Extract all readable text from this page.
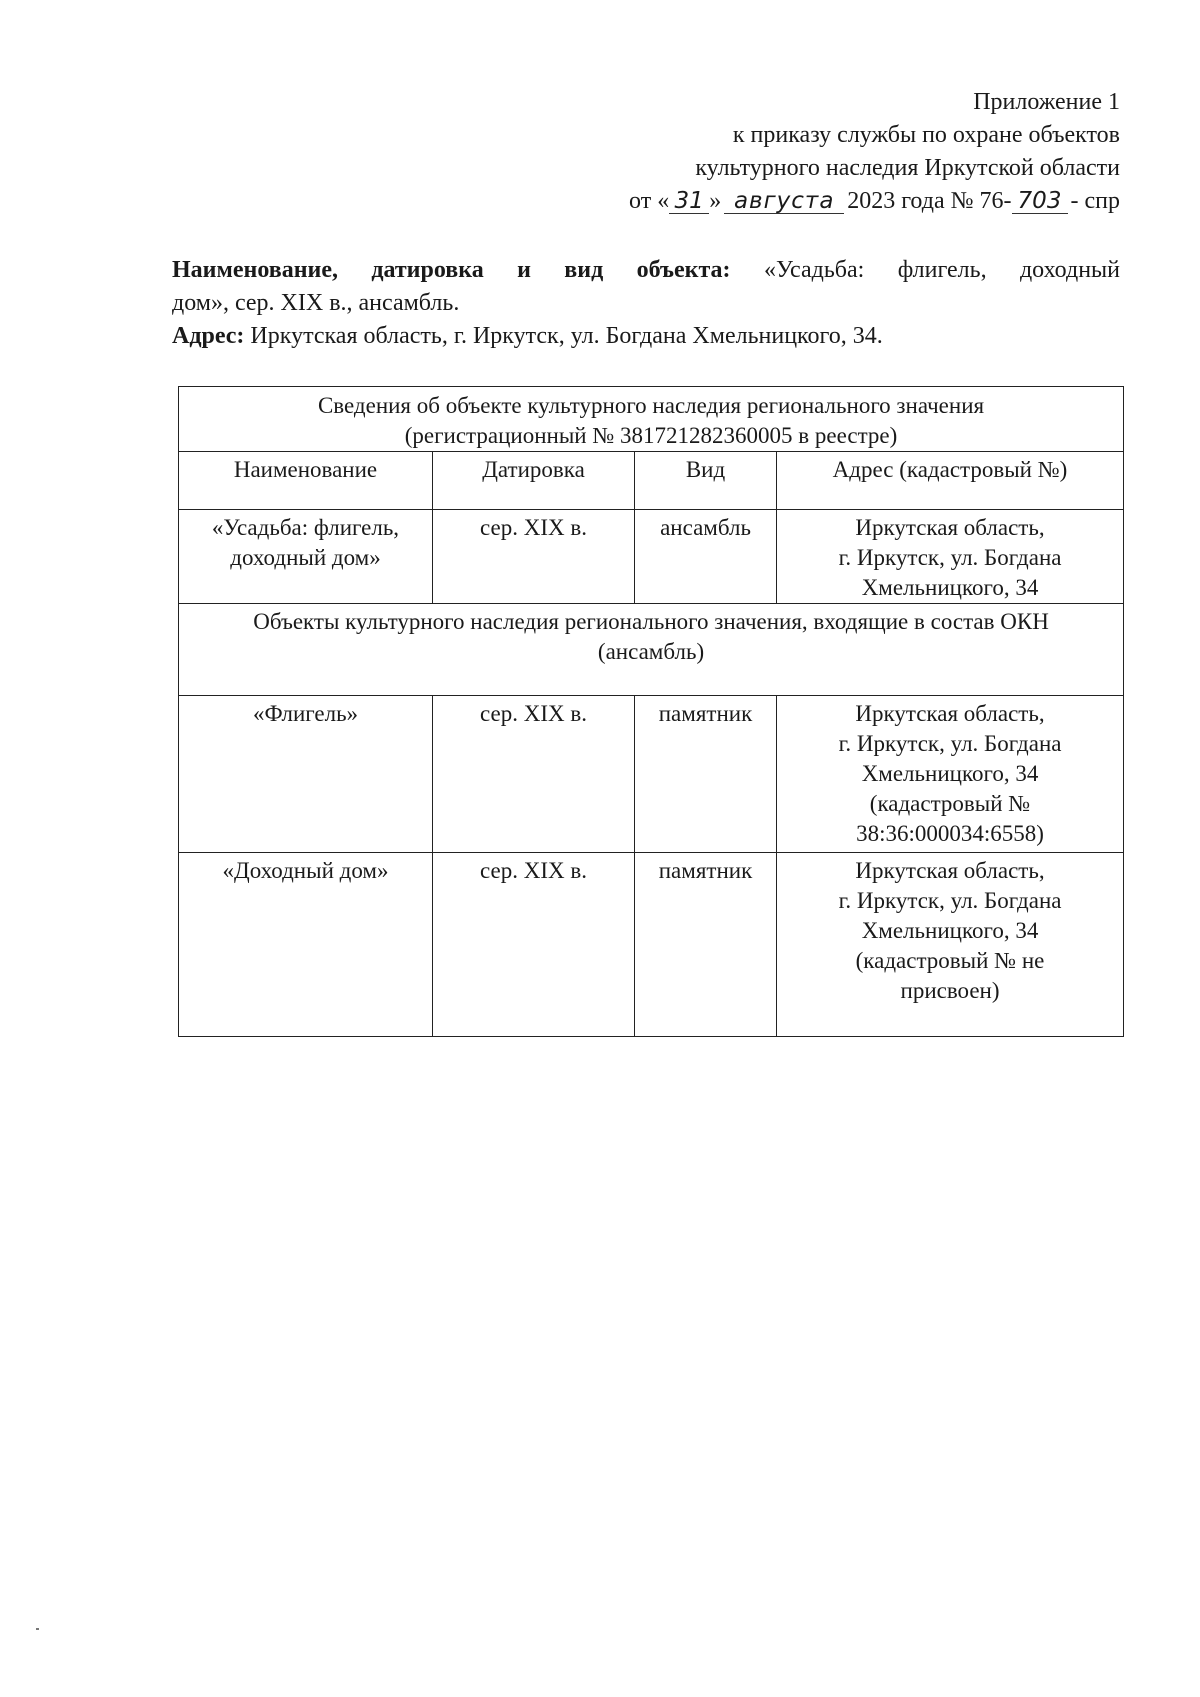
Приложение 1
к приказу службы по охране объектов
культурного наследия Иркутской области
от « 31 » августа 2023 года № 76- 703 - спр

Наименование, датировка и вид объекта: «Усадьба: флигель, доходный

дом», сер. XIX в., ансамбль.

Адрес: Иркутская область, г. Иркутск, ул. Богдана Хмельницкого, 34.

Сведения об объекте культурного наследия регионального значения
(регистрационный № 381721282360005 в реестре)			
Наименование	Датировка	Вид	Адрес (кадастровый №)
«Усадьба: флигель,
доходный дом»	сер. XIX в.	ансамбль	Иркутская область,
г. Иркутск, ул. Богдана
Хмельницкого, 34
Объекты культурного наследия регионального значения, входящие в состав ОКН
(ансамбль)			
«Флигель»	сер. XIX в.	памятник	Иркутская область,
г. Иркутск, ул. Богдана
Хмельницкого, 34
(кадастровый №
38:36:000034:6558)
«Доходный дом»	сер. XIX в.	памятник	Иркутская область,
г. Иркутск, ул. Богдана
Хмельницкого, 34
(кадастровый № не
присвоен)
